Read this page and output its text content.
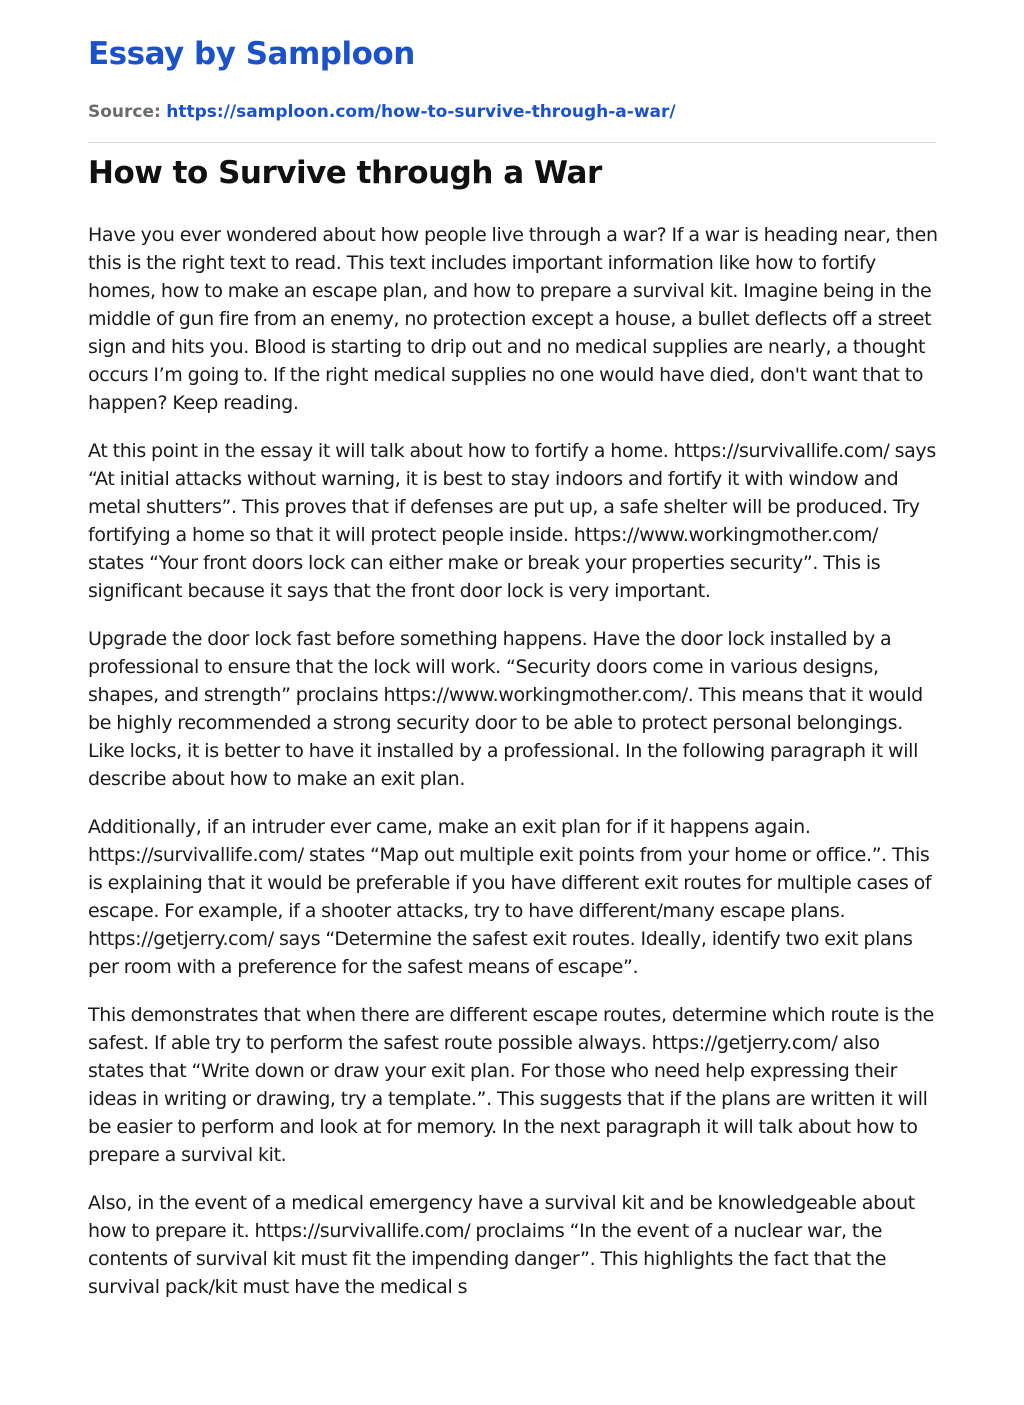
Essay by Samploon
Source: https://samploon.com/how-to-survive-through-a-war/
How to Survive through a War

Have you ever wondered about how people live through a war? If a war is heading near, then this is the right text to read. This text includes important information like how to fortify homes, how to make an escape plan, and how to prepare a survival kit. Imagine being in the middle of gun fire from an enemy, no protection except a house, a bullet deflects off a street sign and hits you. Blood is starting to drip out and no medical supplies are nearly, a thought occurs I’m going to. If the right medical supplies no one would have died, don't want that to happen? Keep reading.

At this point in the essay it will talk about how to fortify a home. https://survivallife.com/ says “At initial attacks without warning, it is best to stay indoors and fortify it with window and metal shutters”. This proves that if defenses are put up, a safe shelter will be produced. Try fortifying a home so that it will protect people inside. https://www.workingmother.com/ states “Your front doors lock can either make or break your properties security”. This is significant because it says that the front door lock is very important.

Upgrade the door lock fast before something happens. Have the door lock installed by a professional to ensure that the lock will work. “Security doors come in various designs, shapes, and strength” proclains https://www.workingmother.com/. This means that it would be highly recommended a strong security door to be able to protect personal belongings. Like locks, it is better to have it installed by a professional. In the following paragraph it will describe about how to make an exit plan.

Additionally, if an intruder ever came, make an exit plan for if it happens again. https://survivallife.com/ states “Map out multiple exit points from your home or office.”. This is explaining that it would be preferable if you have different exit routes for multiple cases of escape. For example, if a shooter attacks, try to have different/many escape plans. https://getjerry.com/ says “Determine the safest exit routes. Ideally, identify two exit plans per room with a preference for the safest means of escape”.

This demonstrates that when there are different escape routes, determine which route is the safest. If able try to perform the safest route possible always. https://getjerry.com/ also states that “Write down or draw your exit plan. For those who need help expressing their ideas in writing or drawing, try a template.”. This suggests that if the plans are written it will be easier to perform and look at for memory. In the next paragraph it will talk about how to prepare a survival kit.

Also, in the event of a medical emergency have a survival kit and be knowledgeable about how to prepare it. https://survivallife.com/ proclaims “In the event of a nuclear war, the contents of survival kit must fit the impending danger”. This highlights the fact that the survival pack/kit must have the medical s
